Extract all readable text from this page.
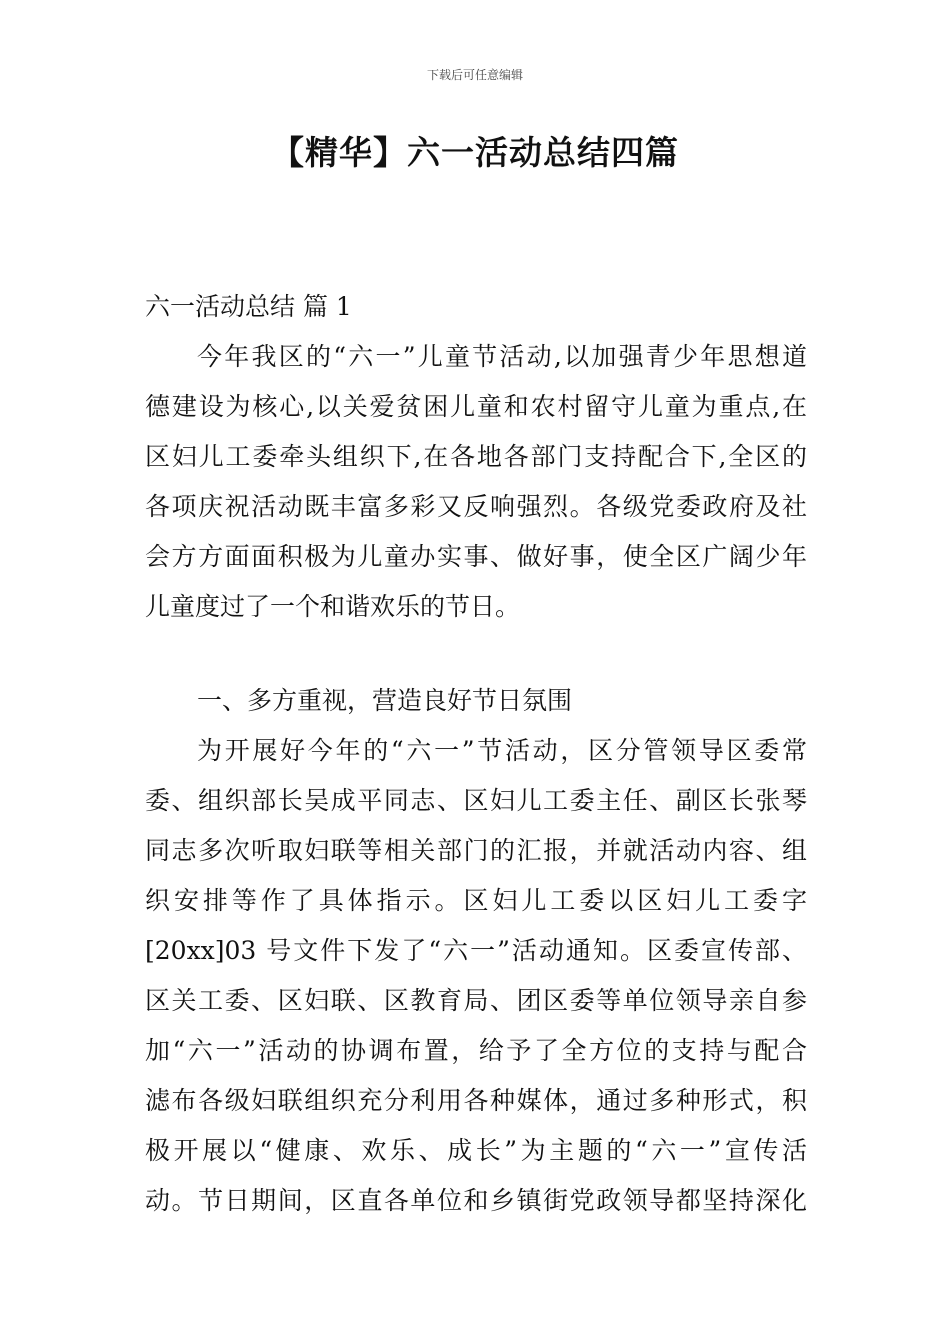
下载后可任意编辑
【精华】六一活动总结四篇
六一活动总结 篇 1
今年我区的“六一”儿童节活动,以加强青少年思想道
德建设为核心,以关爱贫困儿童和农村留守儿童为重点,在
区妇儿工委牵头组织下,在各地各部门支持配合下,全区的
各项庆祝活动既丰富多彩又反响强烈。各级党委政府及社
会方方面面积极为儿童办实事、做好事，使全区广阔少年
儿童度过了一个和谐欢乐的节日。
一、多方重视，营造良好节日氛围
为开展好今年的“六一”节活动，区分管领导区委常
委、组织部长吴成平同志、区妇儿工委主任、副区长张琴
同志多次听取妇联等相关部门的汇报，并就活动内容、组
织安排等作了具体指示。区妇儿工委以区妇儿工委字
[20xx]03 号文件下发了“六一”活动通知。区委宣传部、
区关工委、区妇联、区教育局、团区委等单位领导亲自参
加“六一”活动的协调布置，给予了全方位的支持与配合
滤布各级妇联组织充分利用各种媒体，通过多种形式，积
极开展以“健康、欢乐、成长”为主题的“六一”宣传活
动。节日期间，区直各单位和乡镇街党政领导都坚持深化
